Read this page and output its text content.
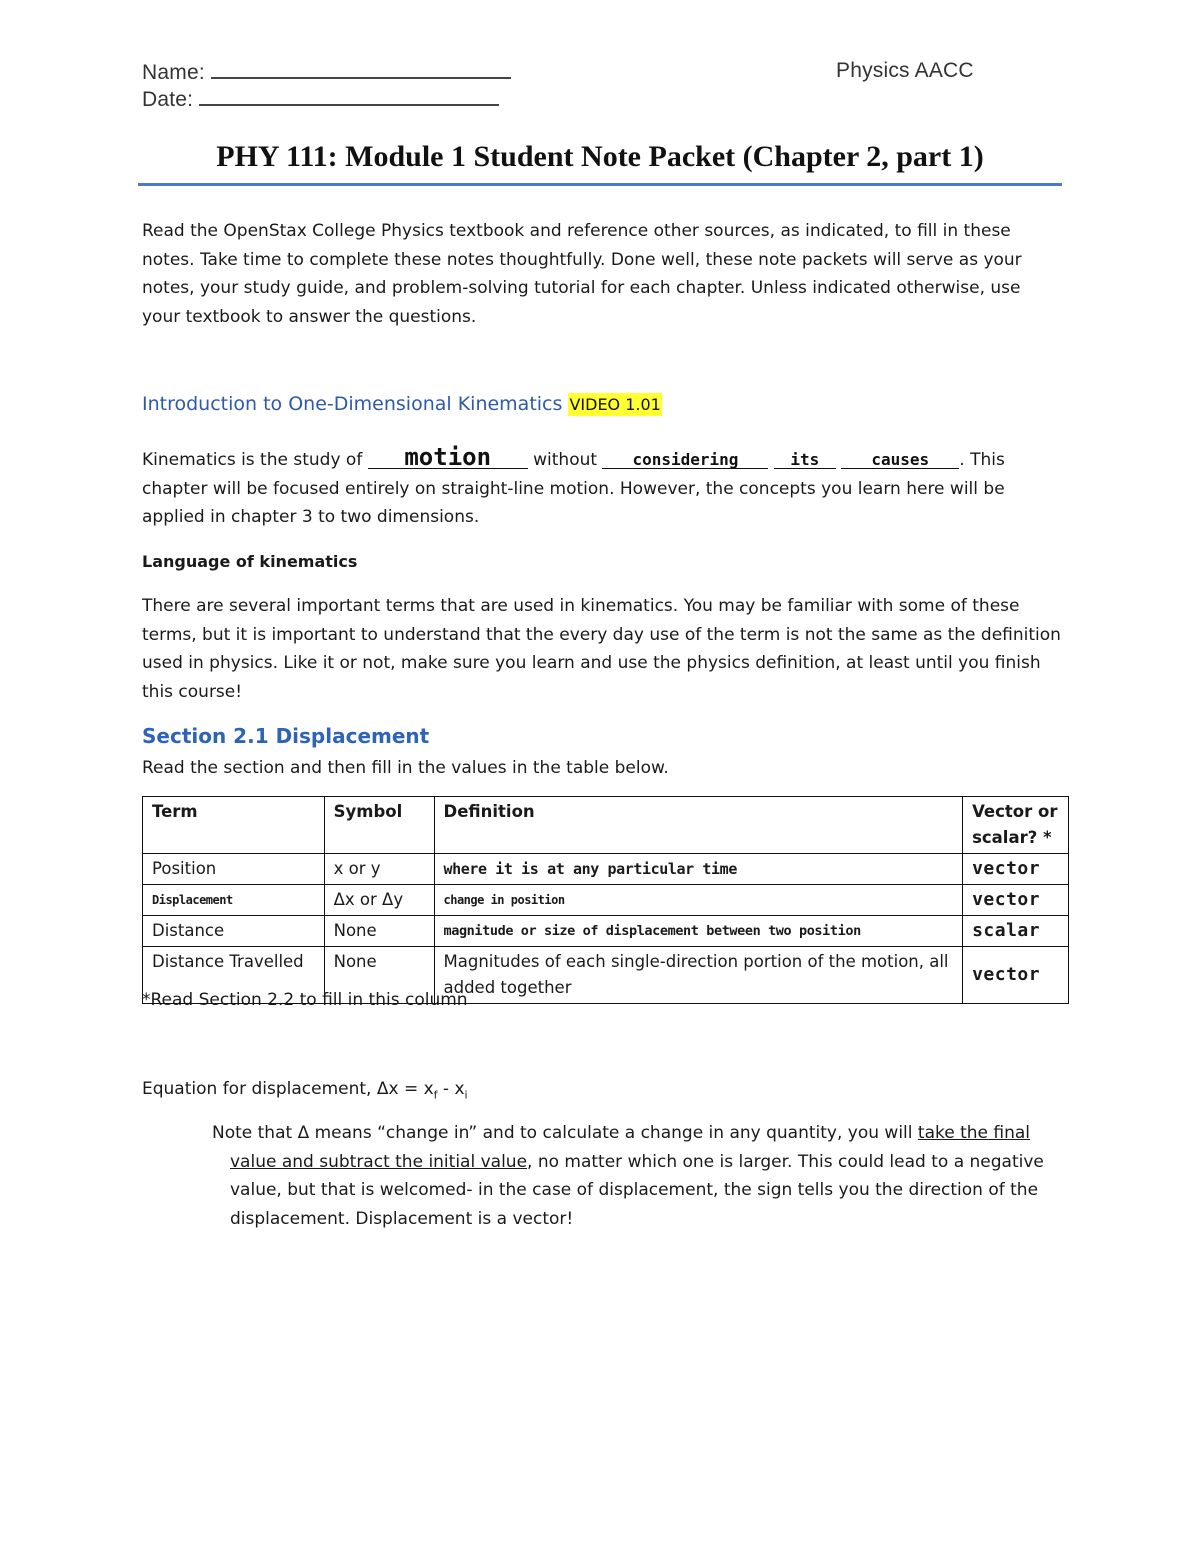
Name:
Date:
Physics AACC
PHY 111: Module 1 Student Note Packet (Chapter 2, part 1)
Read the OpenStax College Physics textbook and reference other sources, as indicated, to fill in these notes. Take time to complete these notes thoughtfully. Done well, these note packets will serve as your notes, your study guide, and problem-solving tutorial for each chapter. Unless indicated otherwise, use your textbook to answer the questions.
Introduction to One-Dimensional Kinematics VIDEO 1.01
Kinematics is the study of motion without considering	its	causes . This chapter will be focused entirely on straight-line motion. However, the concepts you learn here will be applied in chapter 3 to two dimensions.
Language of kinematics
There are several important terms that are used in kinematics. You may be familiar with some of these terms, but it is important to understand that the every day use of the term is not the same as the definition used in physics. Like it or not, make sure you learn and use the physics definition, at least until you finish this course!
Section 2.1 Displacement
Read the section and then fill in the values in the table below.
Term	Symbol	Definition	Vector or scalar? *
Position	x or y	where it is at any particular time	vector
Displacement	Δx or Δy	change in position	vector
Distance	None	magnitude or size of displacement between two position	scalar
Distance Travelled	None	Magnitudes of each single-direction portion of the motion, all added together	vector
*Read Section 2.2 to fill in this column
Equation for displacement, $\Delta x = x_f - x_i$
Note that Δ means “change in” and to calculate a change in any quantity, you will take the final value and subtract the initial value, no matter which one is larger. This could lead to a negative value, but that is welcomed- in the case of displacement, the sign tells you the direction of the displacement. Displacement is a vector!
